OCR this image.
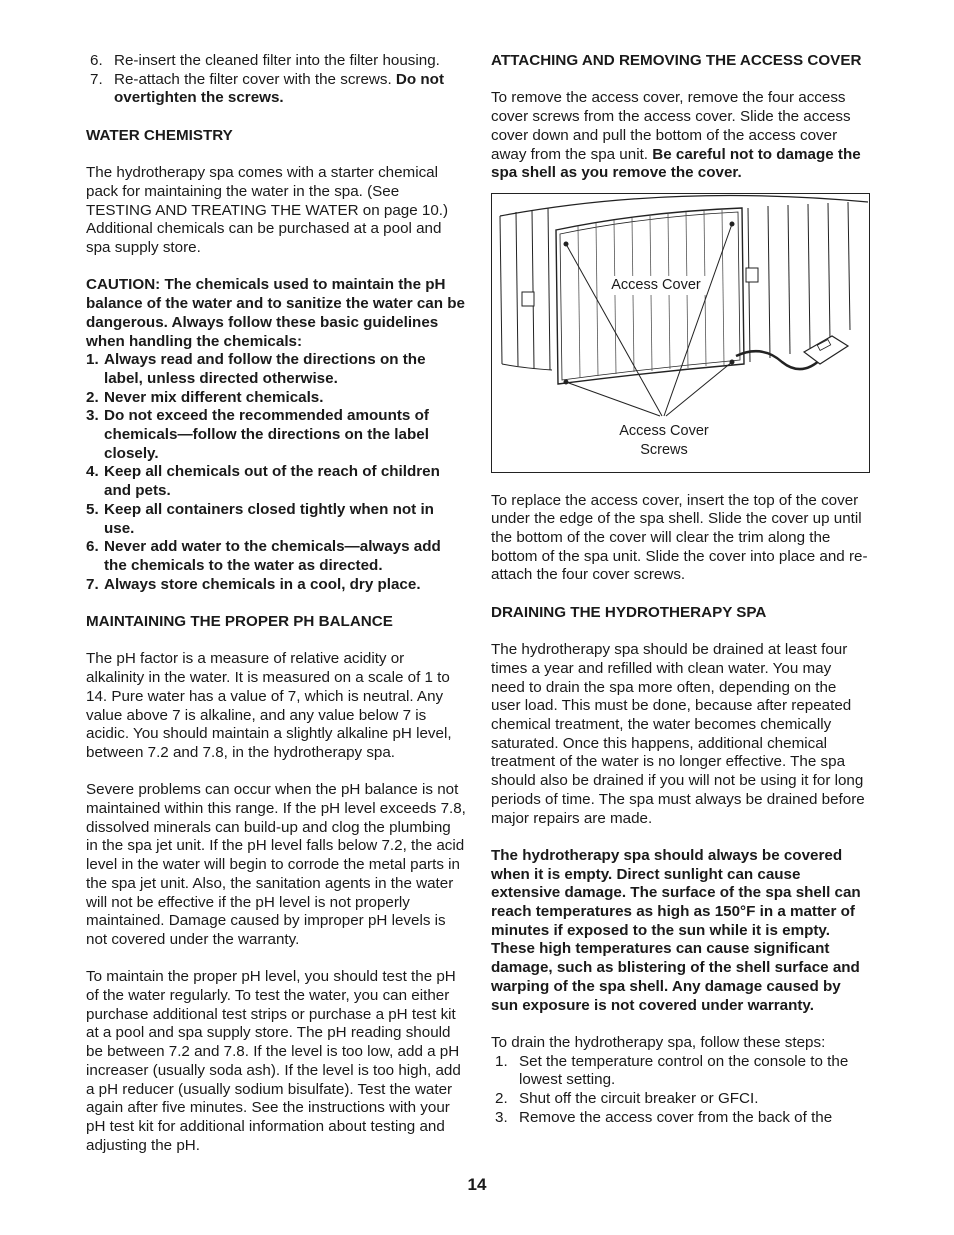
6. Re-insert the cleaned filter into the filter housing.
7. Re-attach the filter cover with the screws. Do not overtighten the screws.

WATER CHEMISTRY

The hydrotherapy spa comes with a starter chemical pack for maintaining the water in the spa. (See TESTING AND TREATING THE WATER on page 10.) Additional chemicals can be purchased at a pool and spa supply store.

CAUTION: The chemicals used to maintain the pH balance of the water and to sanitize the water can be dangerous. Always follow these basic guidelines when handling the chemicals:

1. Always read and follow the directions on the label, unless directed otherwise.
2. Never mix different chemicals.
3. Do not exceed the recommended amounts of chemicals—follow the directions on the label closely.
4. Keep all chemicals out of the reach of children and pets.
5. Keep all containers closed tightly when not in use.
6. Never add water to the chemicals—always add the chemicals to the water as directed.
7. Always store chemicals in a cool, dry place.

MAINTAINING THE PROPER PH BALANCE

The pH factor is a measure of relative acidity or alkalinity in the water. It is measured on a scale of 1 to 14. Pure water has a value of 7, which is neutral. Any value above 7 is alkaline, and any value below 7 is acidic. You should maintain a slightly alkaline pH level, between 7.2 and 7.8, in the hydrotherapy spa.

Severe problems can occur when the pH balance is not maintained within this range. If the pH level exceeds 7.8, dissolved minerals can build-up and clog the plumbing in the spa jet unit. If the pH level falls below 7.2, the acid level in the water will begin to corrode the metal parts in the spa jet unit. Also, the sanitation agents in the water will not be effective if the pH level is not properly maintained. Damage caused by improper pH levels is not covered under the warranty.

To maintain the proper pH level, you should test the pH of the water regularly. To test the water, you can either purchase additional test strips or purchase a pH test kit at a pool and spa supply store. The pH reading should be between 7.2 and 7.8. If the level is too low, add a pH increaser (usually soda ash). If the level is too high, add a pH reducer (usually sodium bisulfate). Test the water again after five minutes. See the instructions with your pH test kit for additional information about testing and adjusting the pH.

ATTACHING AND REMOVING THE ACCESS COVER

To remove the access cover, remove the four access cover screws from the access cover. Slide the access cover down and pull the bottom of the access cover away from the spa unit. Be careful not to damage the spa shell as you remove the cover.

Access Cover
Access Cover
Screws

To replace the access cover, insert the top of the cover under the edge of the spa shell. Slide the cover up until the bottom of the cover will clear the trim along the bottom of the spa unit. Slide the cover into place and re-attach the four cover screws.

DRAINING THE HYDROTHERAPY SPA

The hydrotherapy spa should be drained at least four times a year and refilled with clean water. You may need to drain the spa more often, depending on the user load. This must be done, because after repeated chemical treatment, the water becomes chemically saturated. Once this happens, additional chemical treatment of the water is no longer effective. The spa should also be drained if you will not be using it for long periods of time. The spa must always be drained before major repairs are made.

The hydrotherapy spa should always be covered when it is empty. Direct sunlight can cause extensive damage. The surface of the spa shell can reach temperatures as high as 150°F in a matter of minutes if exposed to the sun while it is empty. These high temperatures can cause significant damage, such as blistering of the shell surface and warping of the spa shell. Any damage caused by sun exposure is not covered under warranty.

To drain the hydrotherapy spa, follow these steps:

1. Set the temperature control on the console to the lowest setting.
2. Shut off the circuit breaker or GFCI.
3. Remove the access cover from the back of the
14
